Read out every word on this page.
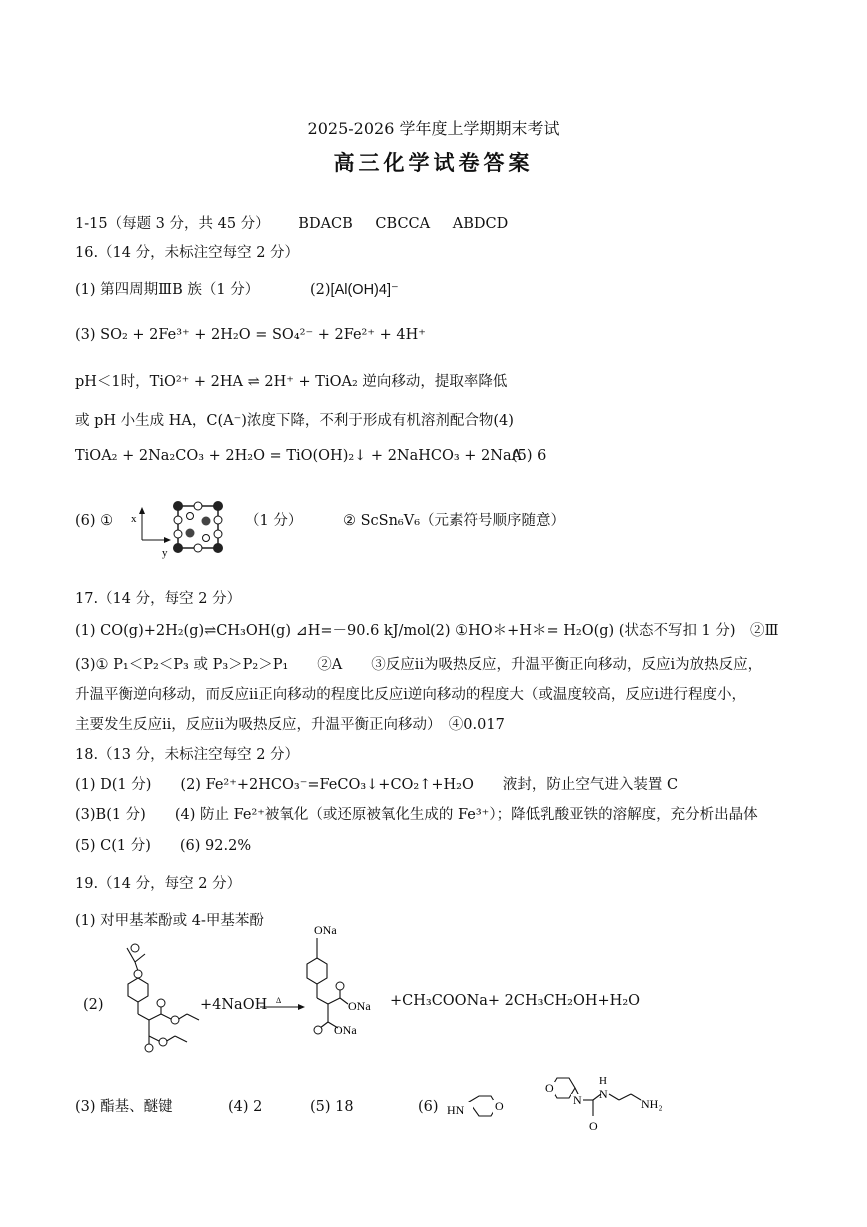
2025-2026 学年度上学期期末考试
高三化学试卷答案
1-15（每题 3 分，共 45 分） BDACB CBCCA ABDCD
16.（14 分，未标注空每空 2 分）
(1) 第四周期ⅢB 族（1 分）	(2)[Al(OH)4]⁻
(3) SO₂ + 2Fe³⁺ + 2H₂O = SO₄²⁻ + 2Fe²⁺ + 4H⁺
pH＜1时，TiO²⁺ + 2HA ⇌ 2H⁺ + TiOA₂ 逆向移动，提取率降低
或 pH 小生成 HA，C(A⁻)浓度下降，不利于形成有机溶剂配合物(4)
TiOA₂ + 2Na₂CO₃ + 2H₂O = TiO(OH)₂↓ + 2NaHCO₃ + 2NaA
(5) 6
(6) ① x
y
（1 分）	② ScSn₆V₆（元素符号顺序随意）
17.（14 分，每空 2 分）
(1) CO(g)+2H₂(g)⇌CH₃OH(g) ⊿H=－90.6 kJ/mol (2) ①HO＊+H＊= H₂O(g) (状态不写扣 1 分)　②Ⅲ
(3)① P₁＜P₂＜P₃ 或 P₃＞P₂＞P₁　　②A　　③反应ⅱ为吸热反应，升温平衡正向移动，反应ⅰ为放热反应，
升温平衡逆向移动，而反应ⅱ正向移动的程度比反应ⅰ逆向移动的程度大（或温度较高，反应ⅰ进行程度小，
主要发生反应ⅱ，反应ⅱ为吸热反应，升温平衡正向移动）　④0.017
18.（13 分，未标注空每空 2 分）
(1) D(1 分)　　(2) Fe²⁺+2HCO₃⁻=FeCO₃↓+CO₂↑+H₂O　　液封，防止空气进入装置 C
(3)B(1 分)　　(4) 防止 Fe²⁺被氧化（或还原被氧化生成的 Fe³⁺）；降低乳酸亚铁的溶解度，充分析出晶体
(5) C(1 分)　　(6) 92.2%
19.（14 分，每空 2 分）
(1) 对甲基苯酚或 4-甲基苯酚
(2)	+4NaOH Δ
ONa
ONa
ONa
+CH₃COONa+ 2CH₃CH₂OH+H₂O
(3) 酯基、醚键	(4) 2	(5) 18	(6) HN	O
O
N N
H
O
NH₂
